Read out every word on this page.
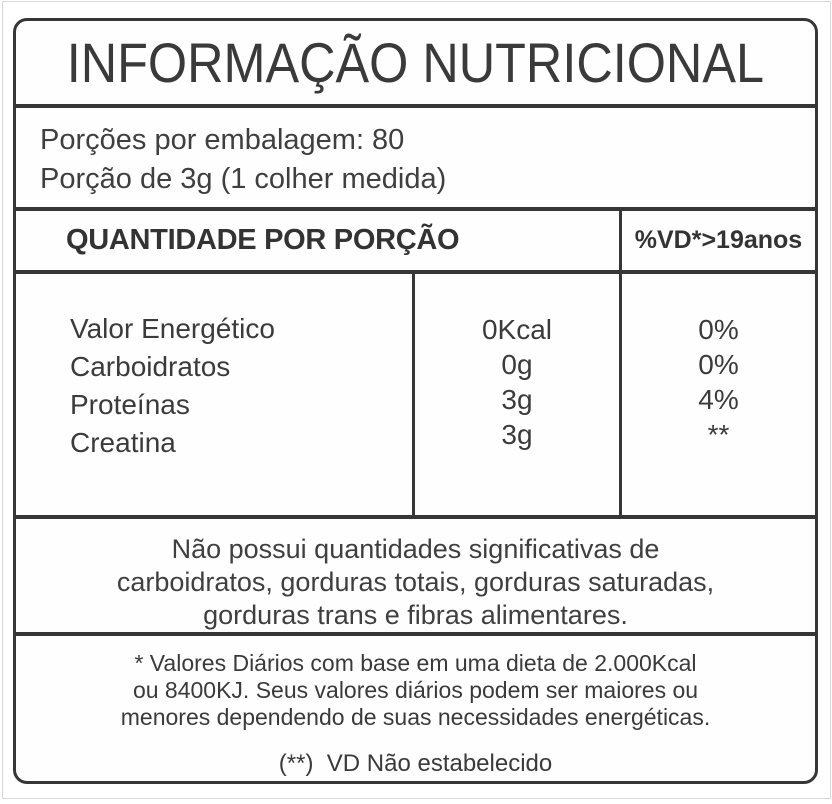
INFORMAÇÃO NUTRICIONAL
Porções por embalagem: 80
Porção de 3g (1 colher medida)
QUANTIDADE POR PORÇÃO	%VD*>19anos
Valor Energético
Carboidratos
Proteínas
Creatina
0Kcal
0g
3g
3g
0%
0%
4%
**
Não possui quantidades significativas de
carboidratos, gorduras totais, gorduras saturadas,
gorduras trans e fibras alimentares.
* Valores Diários com base em uma dieta de 2.000Kcal
ou 8400KJ. Seus valores diários podem ser maiores ou
menores dependendo de suas necessidades energéticas.
(**)  VD Não estabelecido
